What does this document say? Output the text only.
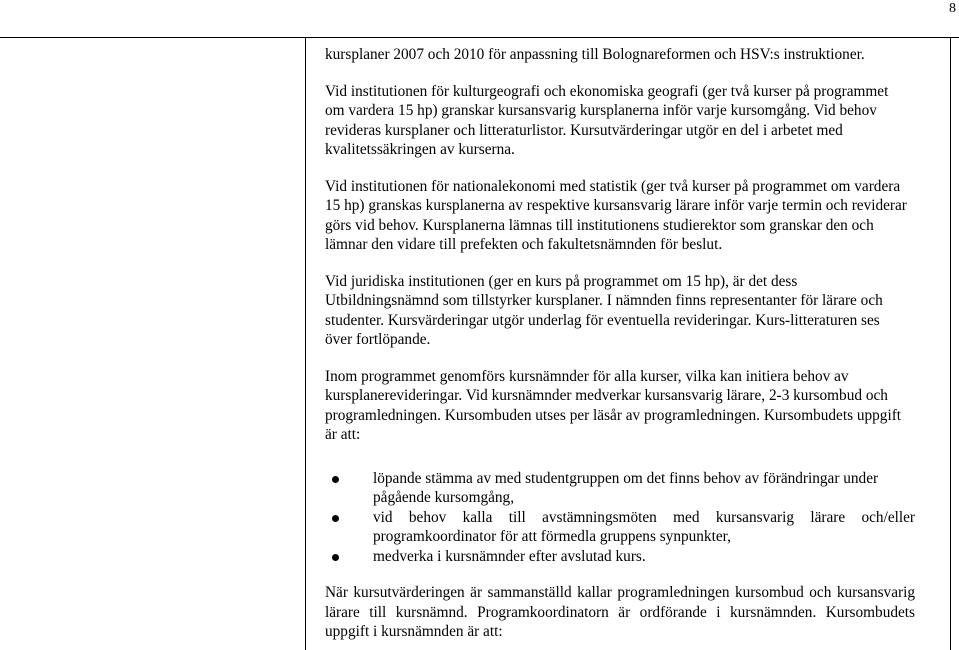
8

kursplaner 2007 och 2010 för anpassning till Bolognareformen och HSV:s instruktioner.

Vid institutionen för kulturgeografi och ekonomiska geografi (ger två kurser på programmet om vardera 15 hp) granskar kursansvarig kursplanerna inför varje kursomgång. Vid behov revideras kursplaner och litteraturlistor. Kursutvärderingar utgör en del i arbetet med kvalitetssäkringen av kurserna.

Vid institutionen för nationalekonomi med statistik (ger två kurser på programmet om vardera 15 hp) granskas kursplanerna av respektive kursansvarig lärare inför varje termin och reviderar görs vid behov. Kursplanerna lämnas till institutionens studierektor som granskar den och lämnar den vidare till prefekten och fakultetsnämnden för beslut.

Vid juridiska institutionen (ger en kurs på programmet om 15 hp), är det dess Utbildningsnämnd som tillstyrker kursplaner. I nämnden finns representanter för lärare och studenter. Kursvärderingar utgör underlag för eventuella revideringar. Kurs-litteraturen ses över fortlöpande.

Inom programmet genomförs kursnämnder för alla kurser, vilka kan initiera behov av kursplanerevideringar. Vid kursnämnder medverkar kursansvarig lärare, 2-3 kursombud och programledningen. Kursombuden utses per läsår av programledningen. Kursombudets uppgift är att:

löpande stämma av med studentgruppen om det finns behov av förändringar under pågående kursomgång,
vid behov kalla till avstämningsmöten med kursansvarig lärare och/eller programkoordinator för att förmedla gruppens synpunkter,
medverka i kursnämnder efter avslutad kurs.

När kursutvärderingen är sammanställd kallar programledningen kursombud och kursansvarig lärare till kursnämnd. Programkoordinatorn är ordförande i kursnämnden. Kursombudets uppgift i kursnämnden är att:
